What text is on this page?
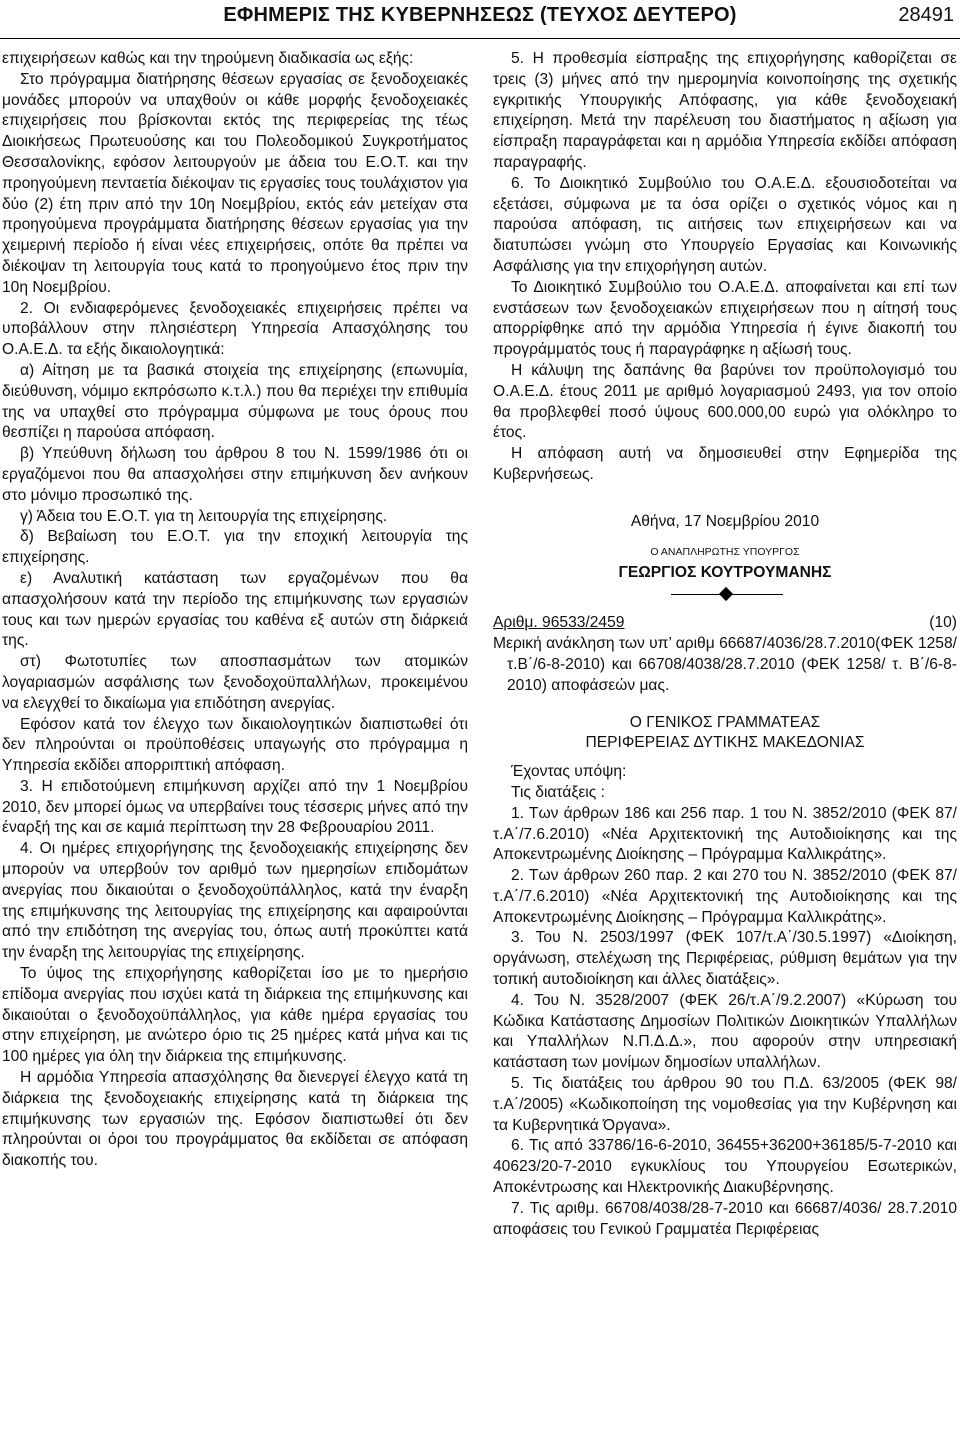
ΕΦΗΜΕΡΙΣ ΤΗΣ ΚΥΒΕΡΝΗΣΕΩΣ (ΤΕΥΧΟΣ ΔΕΥΤΕΡΟ)	28491

επιχειρήσεων καθώς και την τηρούμενη διαδικασία ως εξής:

Στο πρόγραμμα διατήρησης θέσεων εργασίας σε ξενοδοχειακές μονάδες μπορούν να υπαχθούν οι κάθε μορφής ξενοδοχειακές επιχειρήσεις που βρίσκονται εκτός της περιφερείας της τέως Διοικήσεως Πρωτευούσης και του Πολεοδομικού Συγκροτήματος Θεσσαλονίκης, εφόσον λειτουργούν με άδεια του Ε.Ο.Τ. και την προηγούμενη πενταετία διέκοψαν τις εργασίες τους τουλάχιστον για δύο (2) έτη πριν από την 10η Νοεμβρίου, εκτός εάν μετείχαν στα προηγούμενα προγράμματα διατήρησης θέσεων εργασίας για την χειμερινή περίοδο ή είναι νέες επιχειρήσεις, οπότε θα πρέπει να διέκοψαν τη λειτουργία τους κατά το προηγούμενο έτος πριν την 10η Νοεμβρίου.

2. Οι ενδιαφερόμενες ξενοδοχειακές επιχειρήσεις πρέπει να υποβάλλουν στην πλησιέστερη Υπηρεσία Απασχόλησης του Ο.Α.Ε.Δ. τα εξής δικαιολογητικά:

α) Αίτηση με τα βασικά στοιχεία της επιχείρησης (επωνυμία, διεύθυνση, νόμιμο εκπρόσωπο κ.τ.λ.) που θα περιέχει την επιθυμία της να υπαχθεί στο πρόγραμμα σύμφωνα με τους όρους που θεσπίζει η παρούσα απόφαση.

β) Υπεύθυνη δήλωση του άρθρου 8 του Ν. 1599/1986 ότι οι εργαζόμενοι που θα απασχολήσει στην επιμήκυνση δεν ανήκουν στο μόνιμο προσωπικό της.

γ) Άδεια του Ε.Ο.Τ. για τη λειτουργία της επιχείρησης.

δ) Βεβαίωση του Ε.Ο.Τ. για την εποχική λειτουργία της επιχείρησης.

ε) Αναλυτική κατάσταση των εργαζομένων που θα απασχολήσουν κατά την περίοδο της επιμήκυνσης των εργασιών τους και των ημερών εργασίας του καθένα εξ αυτών στη διάρκειά της.

στ) Φωτοτυπίες των αποσπασμάτων των ατομικών λογαριασμών ασφάλισης των ξενοδοχοϋπαλλήλων, προκειμένου να ελεγχθεί το δικαίωμα για επιδότηση ανεργίας.

Εφόσον κατά τον έλεγχο των δικαιολογητικών διαπιστωθεί ότι δεν πληρούνται οι προϋποθέσεις υπαγωγής στο πρόγραμμα η Υπηρεσία εκδίδει απορριπτική απόφαση.

3. Η επιδοτούμενη επιμήκυνση αρχίζει από την 1 Νοεμβρίου 2010, δεν μπορεί όμως να υπερβαίνει τους τέσσερις μήνες από την έναρξή της και σε καμιά περίπτωση την 28 Φεβρουαρίου 2011.

4. Οι ημέρες επιχορήγησης της ξενοδοχειακής επιχείρησης δεν μπορούν να υπερβούν τον αριθμό των ημερησίων επιδομάτων ανεργίας που δικαιούται ο ξενοδοχοϋπάλληλος, κατά την έναρξη της επιμήκυνσης της λειτουργίας της επιχείρησης και αφαιρούνται από την επιδότηση της ανεργίας του, όπως αυτή προκύπτει κατά την έναρξη της λειτουργίας της επιχείρησης.

Το ύψος της επιχορήγησης καθορίζεται ίσο με το ημερήσιο επίδομα ανεργίας που ισχύει κατά τη διάρκεια της επιμήκυνσης και δικαιούται ο ξενοδοχοϋπάλληλος, για κάθε ημέρα εργασίας του στην επιχείρηση, με ανώτερο όριο τις 25 ημέρες κατά μήνα και τις 100 ημέρες για όλη την διάρκεια της επιμήκυνσης.

Η αρμόδια Υπηρεσία απασχόλησης θα διενεργεί έλεγχο κατά τη διάρκεια της ξενοδοχειακής επιχείρησης κατά τη διάρκεια της επιμήκυνσης των εργασιών της. Εφόσον διαπιστωθεί ότι δεν πληρούνται οι όροι του προγράμματος θα εκδίδεται σε απόφαση διακοπής του.

5. Η προθεσμία είσπραξης της επιχορήγησης καθορίζεται σε τρεις (3) μήνες από την ημερομηνία κοινοποίησης της σχετικής εγκριτικής Υπουργικής Απόφασης, για κάθε ξενοδοχειακή επιχείρηση. Μετά την παρέλευση του διαστήματος η αξίωση για είσπραξη παραγράφεται και η αρμόδια Υπηρεσία εκδίδει απόφαση παραγραφής.

6. Το Διοικητικό Συμβούλιο του Ο.Α.Ε.Δ. εξουσιοδοτείται να εξετάσει, σύμφωνα με τα όσα ορίζει ο σχετικός νόμος και η παρούσα απόφαση, τις αιτήσεις των επιχειρήσεων και να διατυπώσει γνώμη στο Υπουργείο Εργασίας και Κοινωνικής Ασφάλισης για την επιχορήγηση αυτών.

Το Διοικητικό Συμβούλιο του Ο.Α.Ε.Δ. αποφαίνεται και επί των ενστάσεων των ξενοδοχειακών επιχειρήσεων που η αίτησή τους απορρίφθηκε από την αρμόδια Υπηρεσία ή έγινε διακοπή του προγράμματός τους ή παραγράφηκε η αξίωσή τους.

Η κάλυψη της δαπάνης θα βαρύνει τον προϋπολογισμό του Ο.Α.Ε.Δ. έτους 2011 με αριθμό λογαριασμού 2493, για τον οποίο θα προβλεφθεί ποσό ύψους 600.000,00 ευρώ για ολόκληρο το έτος.

Η απόφαση αυτή να δημοσιευθεί στην Εφημερίδα της Κυβερνήσεως.

Αθήνα, 17 Νοεμβρίου 2010

Ο ΑΝΑΠΛΗΡΩΤΗΣ ΥΠΟΥΡΓΟΣ

ΓΕΩΡΓΙΟΣ ΚΟΥΤΡΟΥΜΑΝΗΣ

Αριθμ. 96533/2459	(10)

Μερική ανάκληση των υπ’ αριθμ 66687/4036/28.7.2010(ΦΕΚ 1258/τ.Β΄/6-8-2010) και 66708/4038/28.7.2010 (ΦΕΚ 1258/ τ. Β΄/6-8-2010) αποφάσεών μας.

Ο ΓΕΝΙΚΟΣ ΓΡΑΜΜΑΤΕΑΣ

ΠΕΡΙΦΕΡΕΙΑΣ ΔΥΤΙΚΗΣ ΜΑΚΕΔΟΝΙΑΣ

Έχοντας υπόψη:

Τις διατάξεις :

1. Των άρθρων 186 και 256 παρ. 1 του Ν. 3852/2010 (ΦΕΚ 87/τ.Α΄/7.6.2010) «Νέα Αρχιτεκτονική της Αυτοδιοίκησης και της Αποκεντρωμένης Διοίκησης – Πρόγραμμα Καλλικράτης».

2. Των άρθρων 260 παρ. 2 και 270 του Ν. 3852/2010 (ΦΕΚ 87/τ.Α΄/7.6.2010) «Νέα Αρχιτεκτονική της Αυτοδιοίκησης και της Αποκεντρωμένης Διοίκησης – Πρόγραμμα Καλλικράτης».

3. Του Ν. 2503/1997 (ΦΕΚ 107/τ.Α΄/30.5.1997) «Διοίκηση, οργάνωση, στελέχωση της Περιφέρειας, ρύθμιση θεμάτων για την τοπική αυτοδιοίκηση και άλλες διατάξεις».

4. Του Ν. 3528/2007 (ΦΕΚ 26/τ.Α΄/9.2.2007) «Κύρωση του Κώδικα Κατάστασης Δημοσίων Πολιτικών Διοικητικών Υπαλλήλων και Υπαλλήλων Ν.Π.Δ.Δ.», που αφορούν στην υπηρεσιακή κατάσταση των μονίμων δημοσίων υπαλλήλων.

5. Τις διατάξεις του άρθρου 90 του Π.Δ. 63/2005 (ΦΕΚ 98/ τ.Α΄/2005) «Κωδικοποίηση της νομοθεσίας για την Κυβέρνηση και τα Κυβερνητικά Όργανα».

6. Τις από 33786/16-6-2010, 36455+36200+36185/5-7-2010 και 40623/20-7-2010 εγκυκλίους του Υπουργείου Εσωτερικών, Αποκέντρωσης και Ηλεκτρονικής Διακυβέρνησης.

7. Τις αριθμ. 66708/4038/28-7-2010 και 66687/4036/ 28.7.2010 αποφάσεις του Γενικού Γραμματέα Περιφέρειας
